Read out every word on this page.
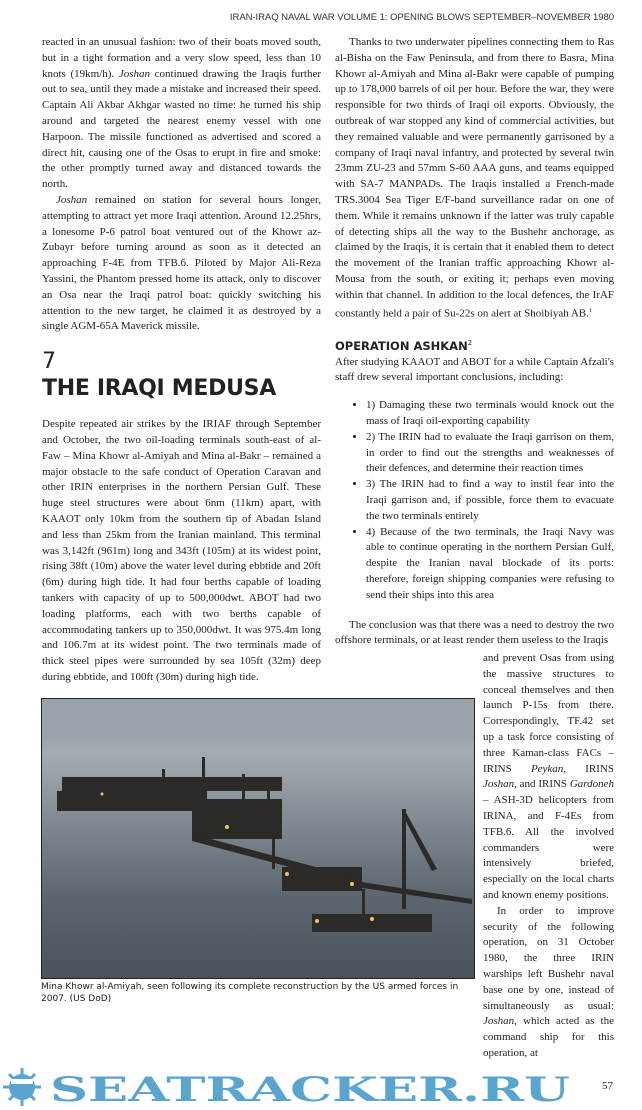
IRAN-IRAQ NAVAL WAR VOLUME 1: OPENING BLOWS SEPTEMBER–NOVEMBER 1980

reacted in an unusual fashion: two of their boats moved south, but in a tight formation and a very slow speed, less than 10 knots (19km/h). Joshan continued drawing the Iraqis further out to sea, until they made a mistake and increased their speed. Captain Ali Akbar Akhgar wasted no time: he turned his ship around and targeted the nearest enemy vessel with one Harpoon. The missile functioned as advertised and scored a direct hit, causing one of the Osas to erupt in fire and smoke: the other promptly turned away and distanced towards the north.

Joshan remained on station for several hours longer, attempting to attract yet more Iraqi attention. Around 12.25hrs, a lonesome P-6 patrol boat ventured out of the Khowr az-Zubayr before turning around as soon as it detected an approaching F-4E from TFB.6. Piloted by Major Ali-Reza Yassini, the Phantom pressed home its attack, only to discover an Osa near the Iraqi patrol boat: quickly switching his attention to the new target, he claimed it as destroyed by a single AGM-65A Maverick missile.

7
THE IRAQI MEDUSA

Despite repeated air strikes by the IRIAF through September and October, the two oil-loading terminals south-east of al-Faw – Mina Khowr al-Amiyah and Mina al-Bakr – remained a major obstacle to the safe conduct of Operation Caravan and other IRIN enterprises in the northern Persian Gulf. These huge steel structures were about 6nm (11km) apart, with KAAOT only 10km from the southern tip of Abadan Island and less than 25km from the Iranian mainland. This terminal was 3,142ft (961m) long and 343ft (105m) at its widest point, rising 38ft (10m) above the water level during ebbtide and 20ft (6m) during high tide. It had four berths capable of loading tankers with capacity of up to 500,000dwt. ABOT had two loading platforms, each with two berths capable of accommodating tankers up to 350,000dwt. It was 975.4m long and 106.7m at its widest point. The two terminals made of thick steel pipes were surrounded by sea 105ft (32m) deep during ebbtide, and 100ft (30m) during high tide.

Thanks to two underwater pipelines connecting them to Ras al-Bisha on the Faw Peninsula, and from there to Basra, Mina Khowr al-Amiyah and Mina al-Bakr were capable of pumping up to 178,000 barrels of oil per hour. Before the war, they were responsible for two thirds of Iraqi oil exports. Obviously, the outbreak of war stopped any kind of commercial activities, but they remained valuable and were permanently garrisoned by a company of Iraqi naval infantry, and protected by several twin 23mm ZU-23 and 57mm S-60 AAA guns, and teams equipped with SA-7 MANPADs. The Iraqis installed a French-made TRS.3004 Sea Tiger E/F-band surveillance radar on one of them. While it remains unknown if the latter was truly capable of detecting ships all the way to the Bushehr anchorage, as claimed by the Iraqis, it is certain that it enabled them to detect the movement of the Iranian traffic approaching Khowr al-Mousa from the south, or exiting it; perhaps even moving within that channel. In addition to the local defences, the IrAF constantly held a pair of Su-22s on alert at Shoibiyah AB.$^1$

OPERATION ASHKAN$^2$

After studying KAAOT and ABOT for a while Captain Afzali's staff drew several important conclusions, including:

• 1) Damaging these two terminals would knock out the mass of Iraqi oil-exporting capability
• 2) The IRIN had to evaluate the Iraqi garrison on them, in order to find out the strengths and weaknesses of their defences, and determine their reaction times
• 3) The IRIN had to find a way to instil fear into the Iraqi garrison and, if possible, force them to evacuate the two terminals entirely
• 4) Because of the two terminals, the Iraqi Navy was able to continue operating in the northern Persian Gulf, despite the Iranian naval blockade of its ports: therefore, foreign shipping companies were refusing to send their ships into this area

The conclusion was that there was a need to destroy the two offshore terminals, or at least render them useless to the Iraqis

and prevent Osas from using the massive structures to conceal themselves and then launch P-15s from there. Correspondingly, TF.42 set up a task force consisting of three Kaman-class FACs – IRINS Peykan, IRINS Joshan, and IRINS Gardoneh – ASH-3D helicopters from IRINA, and F-4Es from TFB.6. All the involved commanders were intensively briefed, especially on the local charts and known enemy positions.

In order to improve security of the following operation, on 31 October 1980, the three IRIN warships left Bushehr naval base one by one, instead of simultaneously as usual: Joshan, which acted as the command ship for this operation, at

Mina Khowr al-Amiyah, seen following its complete reconstruction by the US armed forces in 2007. (US DoD)
SEATRACKER.RU	57
